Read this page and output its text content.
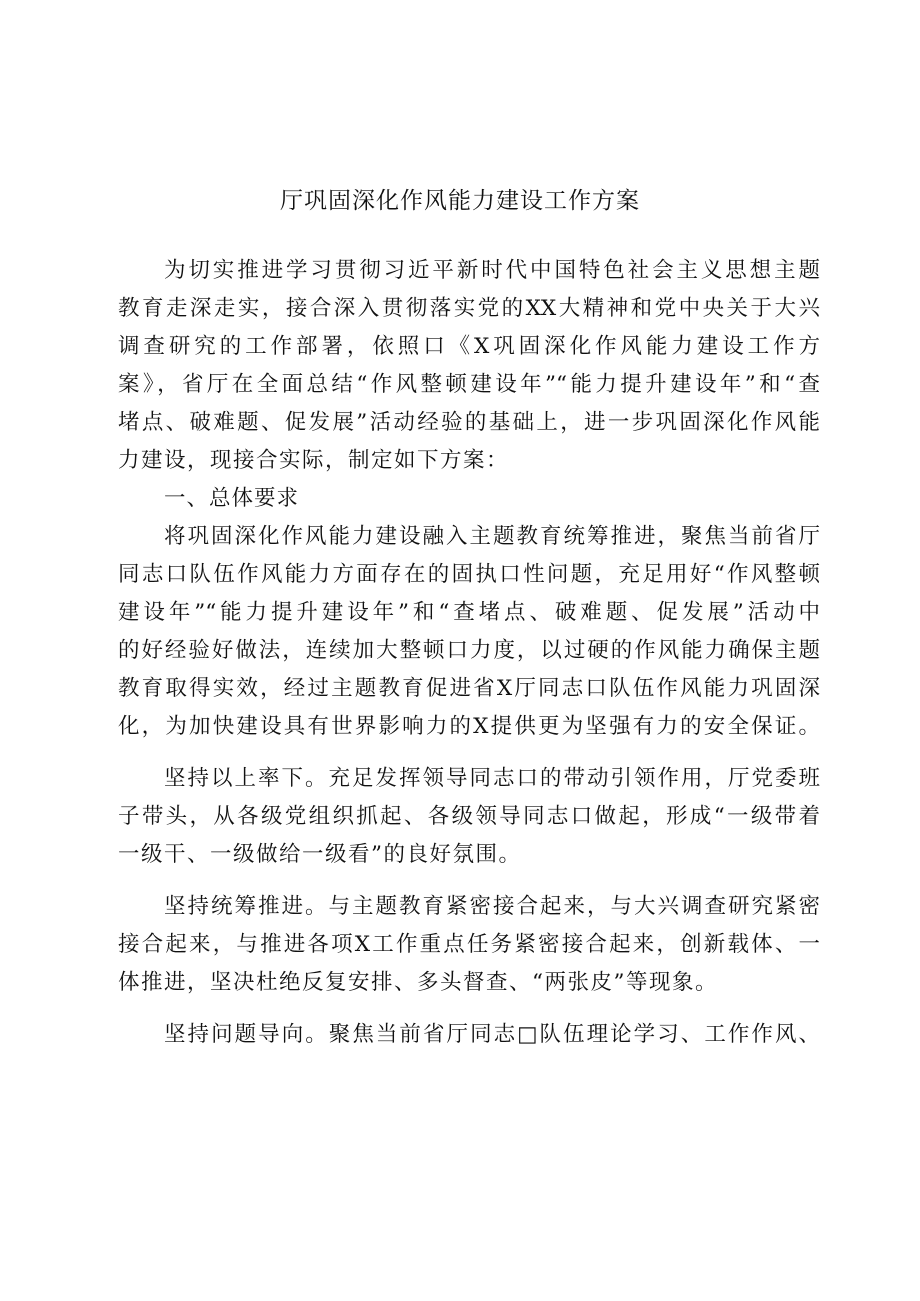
厅巩固深化作风能力建设工作方案
为切实推进学习贯彻习近平新时代中国特色社会主义思想主题
教育走深走实，接合深入贯彻落实党的XX大精神和党中央关于大兴
调查研究的工作部署，依照口《X巩固深化作风能力建设工作方
案》，省厅在全面总结“作风整顿建设年”“能力提升建设年”和“查
堵点、破难题、促发展”活动经验的基础上，进一步巩固深化作风能
力建设，现接合实际，制定如下方案：
一、总体要求
将巩固深化作风能力建设融入主题教育统筹推进，聚焦当前省厅
同志口队伍作风能力方面存在的固执口性问题，充足用好“作风整顿
建设年”“能力提升建设年”和“查堵点、破难题、促发展”活动中
的好经验好做法，连续加大整顿口力度，以过硬的作风能力确保主题
教育取得实效，经过主题教育促进省X厅同志口队伍作风能力巩固深
化，为加快建设具有世界影响力的X提供更为坚强有力的安全保证。
坚持以上率下。充足发挥领导同志口的带动引领作用，厅党委班
子带头，从各级党组织抓起、各级领导同志口做起，形成“一级带着
一级干、一级做给一级看”的良好氛围。
坚持统筹推进。与主题教育紧密接合起来，与大兴调查研究紧密
接合起来，与推进各项X工作重点任务紧密接合起来，创新载体、一
体推进，坚决杜绝反复安排、多头督查、“两张皮”等现象。
坚持问题导向。聚焦当前省厅同志□队伍理论学习、工作作风、
